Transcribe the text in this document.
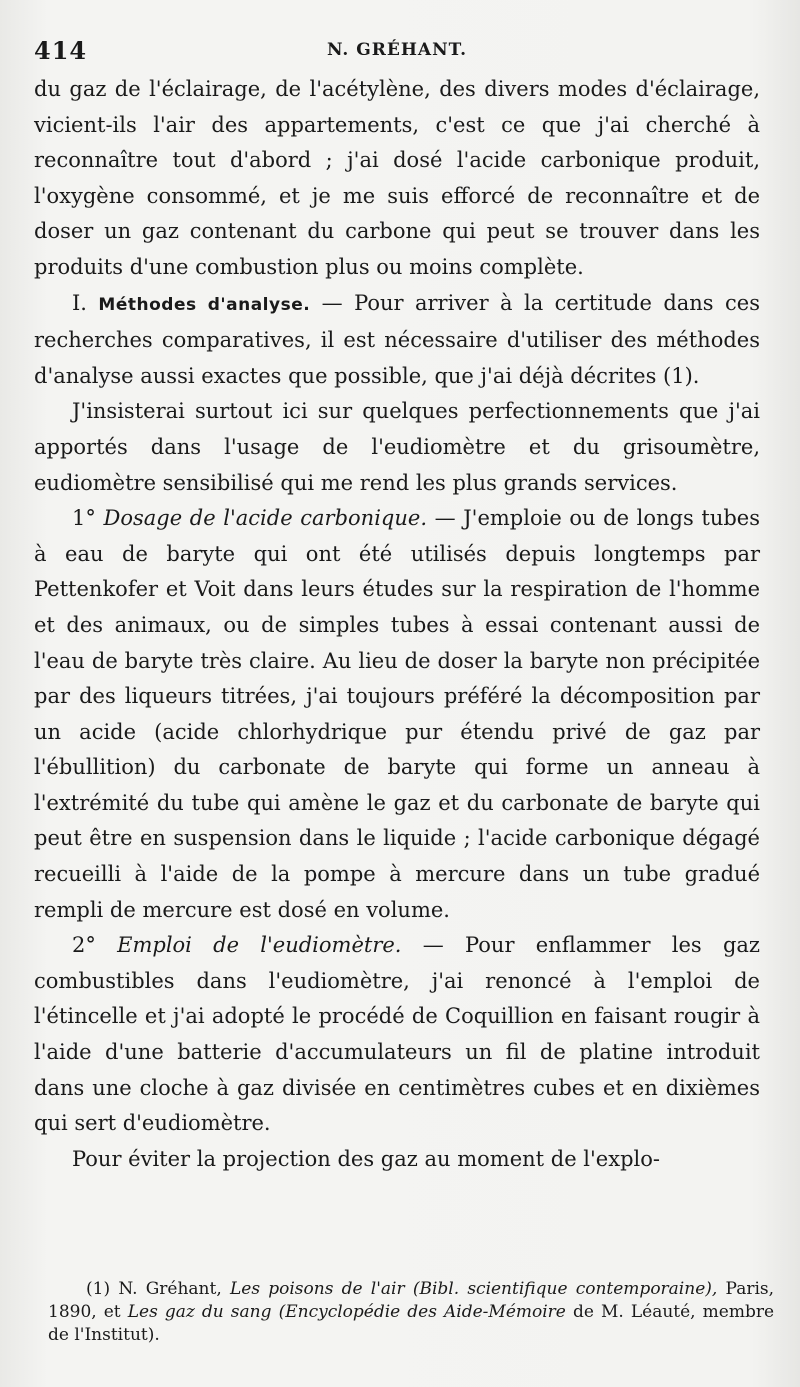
414	N. GRÉHANT.

du gaz de l'éclairage, de l'acétylène, des divers modes d'éclairage, vicient-ils l'air des appartements, c'est ce que j'ai cherché à reconnaître tout d'abord ; j'ai dosé l'acide carbonique produit, l'oxygène consommé, et je me suis efforcé de reconnaître et de doser un gaz contenant du carbone qui peut se trouver dans les produits d'une combustion plus ou moins complète.

I. Méthodes d'analyse. — Pour arriver à la certitude dans ces recherches comparatives, il est nécessaire d'utiliser des méthodes d'analyse aussi exactes que possible, que j'ai déjà décrites (1).

J'insisterai surtout ici sur quelques perfectionnements que j'ai apportés dans l'usage de l'eudiomètre et du grisoumètre, eudiomètre sensibilisé qui me rend les plus grands services.

1° Dosage de l'acide carbonique. — J'emploie ou de longs tubes à eau de baryte qui ont été utilisés depuis longtemps par Pettenkofer et Voit dans leurs études sur la respiration de l'homme et des animaux, ou de simples tubes à essai contenant aussi de l'eau de baryte très claire. Au lieu de doser la baryte non précipitée par des liqueurs titrées, j'ai toujours préféré la décomposition par un acide (acide chlorhydrique pur étendu privé de gaz par l'ébullition) du carbonate de baryte qui forme un anneau à l'extrémité du tube qui amène le gaz et du carbonate de baryte qui peut être en suspension dans le liquide ; l'acide carbonique dégagé recueilli à l'aide de la pompe à mercure dans un tube gradué rempli de mercure est dosé en volume.

2° Emploi de l'eudiomètre. — Pour enflammer les gaz combustibles dans l'eudiomètre, j'ai renoncé à l'emploi de l'étincelle et j'ai adopté le procédé de Coquillion en faisant rougir à l'aide d'une batterie d'accumulateurs un fil de platine introduit dans une cloche à gaz divisée en centimètres cubes et en dixièmes qui sert d'eudiomètre.

Pour éviter la projection des gaz au moment de l'explo-

(1) N. Gréhant, Les poisons de l'air (Bibl. scientifique contemporaine), Paris, 1890, et Les gaz du sang (Encyclopédie des Aide-Mémoire de M. Léauté, membre de l'Institut).
